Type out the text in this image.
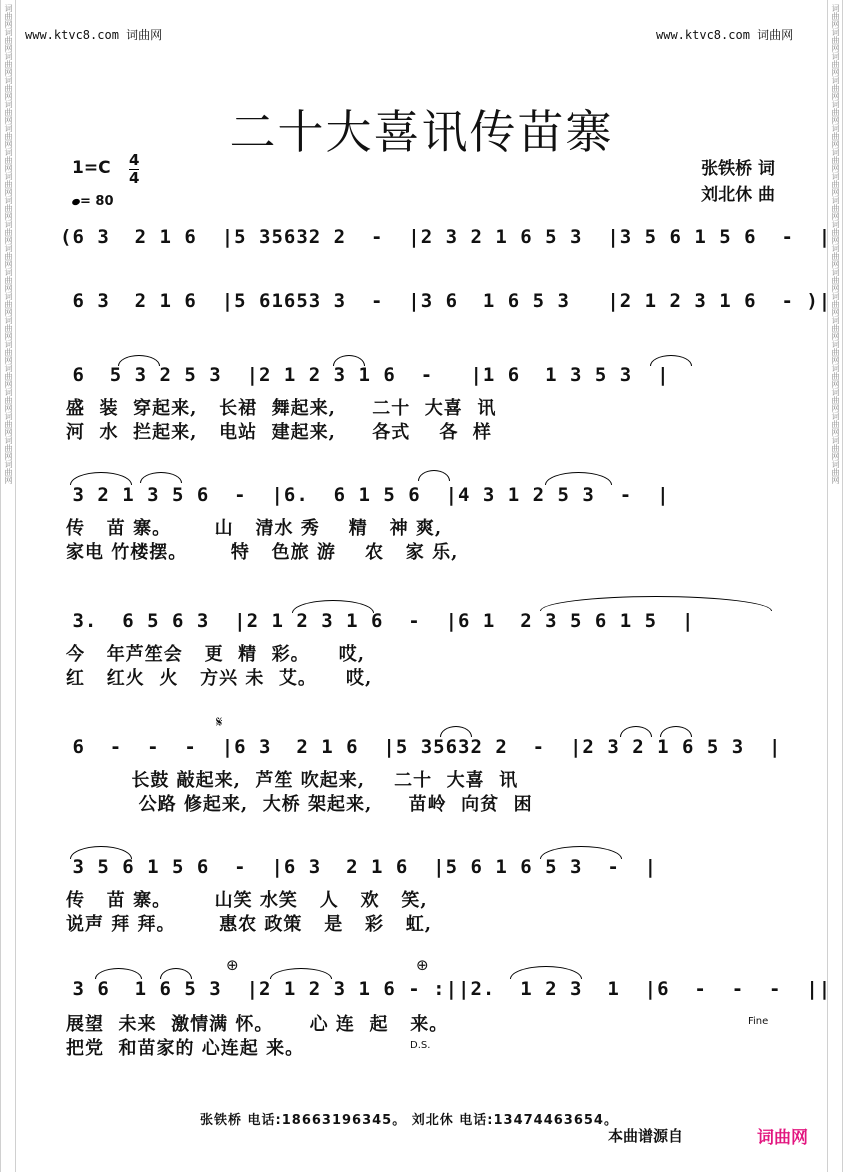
词曲网词曲网词曲网词曲网词曲网词曲网词曲网词曲网词曲网词曲网词曲网词曲网词曲网词曲网词曲网词曲网词曲网词曲网词曲网词曲网	词曲网词曲网词曲网词曲网词曲网词曲网词曲网词曲网词曲网词曲网词曲网词曲网词曲网词曲网词曲网词曲网词曲网词曲网词曲网词曲网
www.ktvc8.com 词曲网	www.ktvc8.com 词曲网
二十大喜讯传苗寨
张铁桥 词
刘北休 曲
1=C 4
4
= 80
(6 3  2 1 6  |5 35632 2  -  |2 3 2 1 6 5 3  |3 5 6 1 5 6  -  |
6 3  2 1 6  |5 61653 3  -  |3 6  1 6 5 3   |2 1 2 3 1 6  - )|
6  5 3 2 5 3  |2 1 2 3 1 6  -   |1 6  1 3 5 3  |
盛  装  穿起来,   长裙  舞起来,     二十  大喜  讯
河  水  拦起来,   电站  建起来,     各式    各  样
3 2 1 3 5 6  -  |6.  6 1 5 6  |4 3 1 2 5 3  -  |
传   苗 寨。      山   清水 秀    精   神 爽,
家电 竹楼摆。      特   色旅 游    农   家 乐,
3.  6 5 6 3  |2 1 2 3 1 6  -  |6 1  2 3 5 6 1 5  |
今   年芦笙会   更  精  彩。    哎,
红   红火  火   方兴 未  艾。    哎,
𝄋
6  -  -  -  |6 3  2 1 6  |5 35632 2  -  |2 3 2 1 6 5 3  |
长鼓 敲起来,  芦笙 吹起来,    二十  大喜  讯
公路 修起来,  大桥 架起来,     苗岭  向贫  困
3 5 6 1 5 6  -  |6 3  2 1 6  |5 6 1 6 5 3  -  |
传   苗 寨。      山笑 水笑   人   欢   笑,
说声 拜 拜。      惠农 政策   是   彩   虹,
⊕	⊕
3 6  1 6 5 3  |2 1 2 3 1 6 - :||2.  1 2 3  1  |6  -  -  -  ||
展望  未来  激情满 怀。     心 连  起   来。
把党  和苗家的 心连起 来。
Fine
D.S.
张铁桥 电话:18663196345。 刘北休 电话:13474463654。
本曲谱源自	词曲网
